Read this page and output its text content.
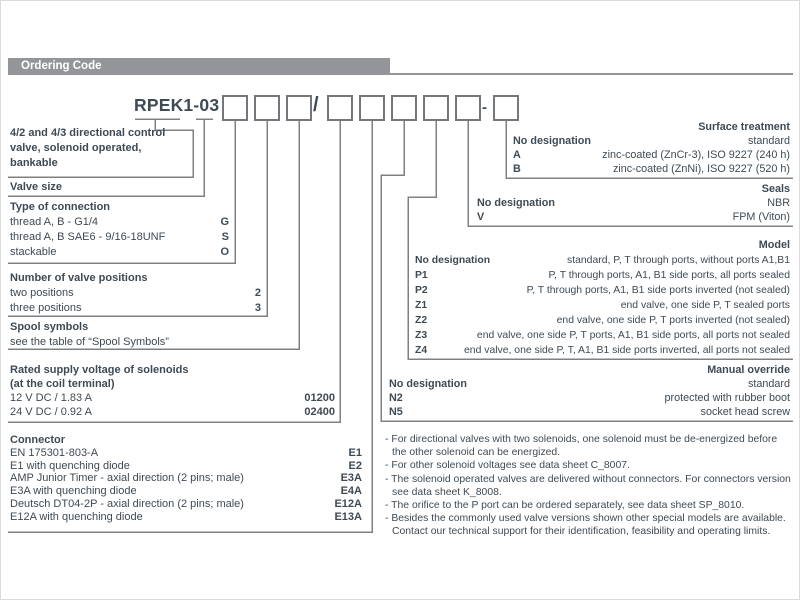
Ordering Code
RPEK1-03	/	-
4/2 and 4/3 directional control
valve, solenoid operated,
bankable
Valve size
Type of connection
thread A, B - G1/4	G
thread A, B SAE6 - 9/16-18UNF	S
stackable	O
Number of valve positions
two positions	2
three positions	3
Spool symbols
see the table of “Spool Symbols”
Rated supply voltage of solenoids
(at the coil terminal)
12 V DC / 1.83 A	01200
24 V DC / 0.92 A	02400
Connector
EN 175301-803-A	E1
E1 with quenching diode	E2
AMP Junior Timer - axial direction (2 pins; male)	E3A
E3A with quenching diode	E4A
Deutsch DT04-2P - axial direction (2 pins; male)	E12A
E12A with quenching diode	E13A
Surface treatment
No designation	standard
A	zinc-coated (ZnCr-3), ISO 9227 (240 h)
B	zinc-coated (ZnNi), ISO 9227 (520 h)
Seals
No designation	NBR
V	FPM (Viton)
Model
No designation	standard, P, T through ports, without ports A1,B1
P1	P, T through ports, A1, B1 side ports, all ports sealed
P2	P, T through ports, A1, B1 side ports inverted (not sealed)
Z1	end valve, one side P, T sealed ports
Z2	end valve, one side P, T ports inverted (not sealed)
Z3	end valve, one side P, T ports, A1, B1 side ports, all ports not sealed
Z4	end valve, one side P, T, A1, B1 side ports inverted, all ports not sealed
Manual override
No designation	standard
N2	protected with rubber boot
N5	socket head screw
- For directional valves with two solenoids, one solenoid must be de-energized before the other solenoid can be energized.
- For other solenoid voltages see data sheet C_8007.
- The solenoid operated valves are delivered without connectors. For connectors version see data sheet K_8008.
- The orifice to the P port can be ordered separately, see data sheet SP_8010.
- Besides the commonly used valve versions shown other special models are available. Contact our technical support for their identification, feasibility and operating limits.
